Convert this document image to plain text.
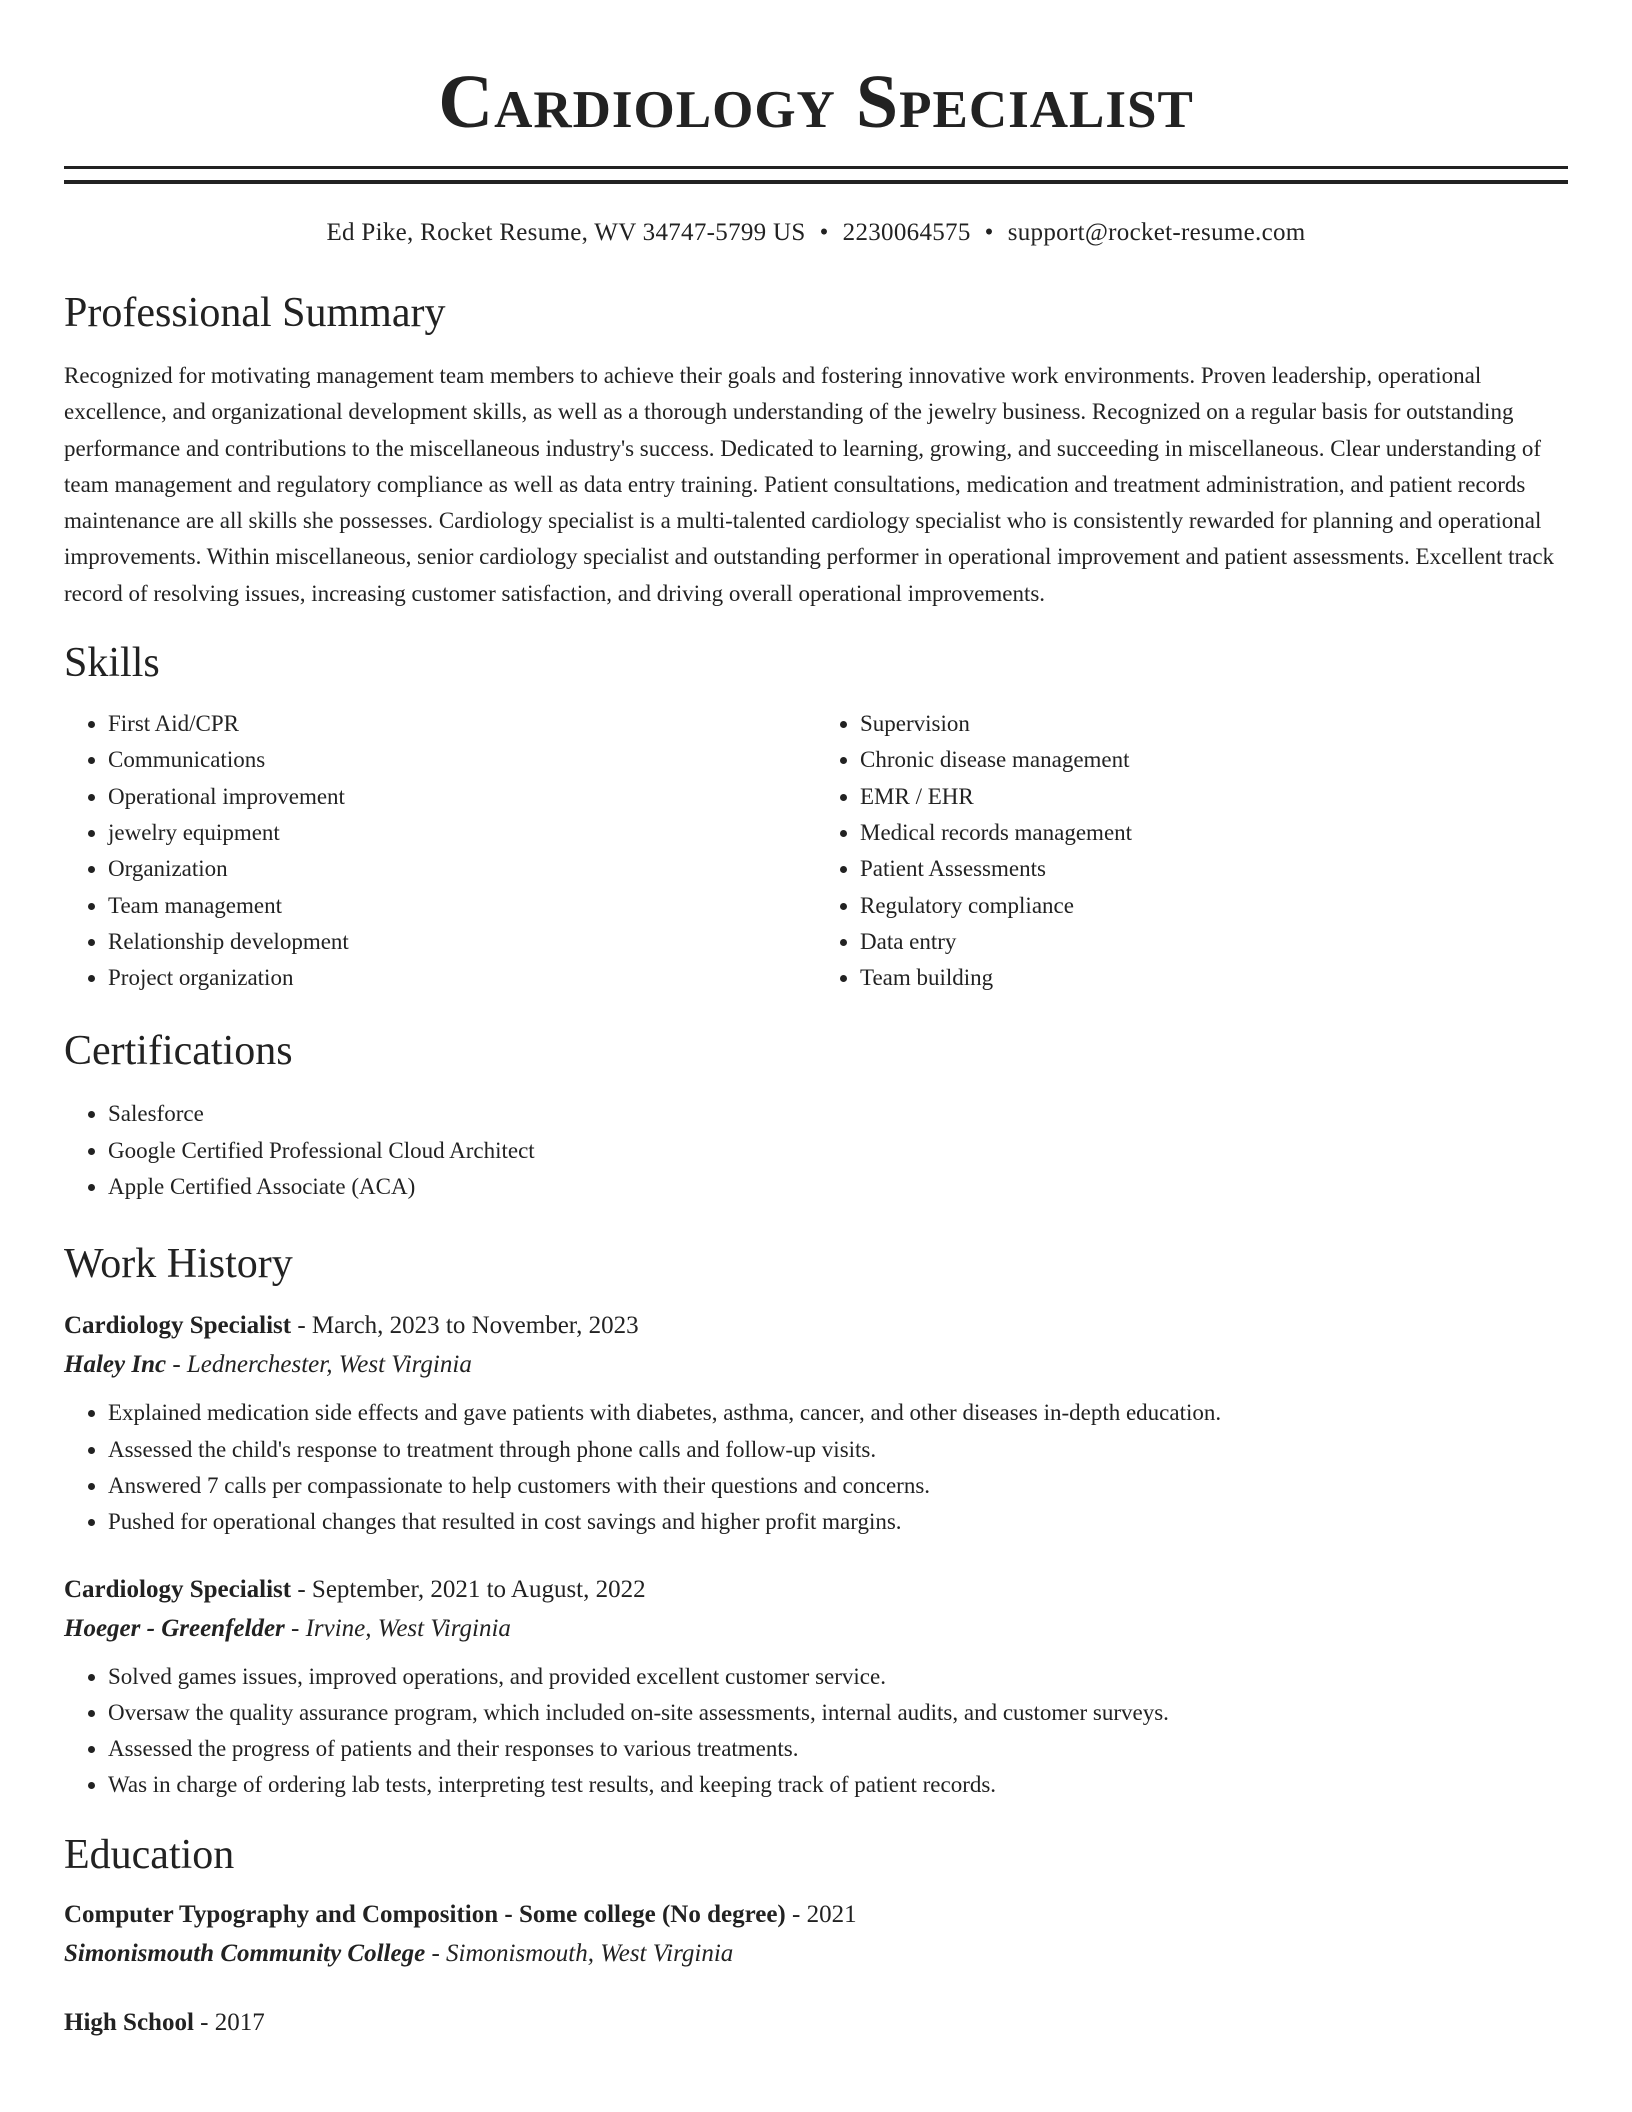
Cardiology Specialist
Ed Pike, Rocket Resume, WV 34747-5799 US • 2230064575 • support@rocket-resume.com
Professional Summary

Recognized for motivating management team members to achieve their goals and fostering innovative work environments. Proven leadership, operational excellence, and organizational development skills, as well as a thorough understanding of the jewelry business. Recognized on a regular basis for outstanding performance and contributions to the miscellaneous industry's success. Dedicated to learning, growing, and succeeding in miscellaneous. Clear understanding of team management and regulatory compliance as well as data entry training. Patient consultations, medication and treatment administration, and patient records maintenance are all skills she possesses. Cardiology specialist is a multi-talented cardiology specialist who is consistently rewarded for planning and operational improvements. Within miscellaneous, senior cardiology specialist and outstanding performer in operational improvement and patient assessments. Excellent track record of resolving issues, increasing customer satisfaction, and driving overall operational improvements.

Skills
• First Aid/CPR
• Communications
• Operational improvement
• jewelry equipment
• Organization
• Team management
• Relationship development
• Project organization
• Supervision
• Chronic disease management
• EMR / EHR
• Medical records management
• Patient Assessments
• Regulatory compliance
• Data entry
• Team building
Certifications
• Salesforce
• Google Certified Professional Cloud Architect
• Apple Certified Associate (ACA)
Work History
Cardiology Specialist - March, 2023 to November, 2023
Haley Inc - Lednerchester, West Virginia
• Explained medication side effects and gave patients with diabetes, asthma, cancer, and other diseases in-depth education.
• Assessed the child's response to treatment through phone calls and follow-up visits.
• Answered 7 calls per compassionate to help customers with their questions and concerns.
• Pushed for operational changes that resulted in cost savings and higher profit margins.
Cardiology Specialist - September, 2021 to August, 2022
Hoeger - Greenfelder - Irvine, West Virginia
• Solved games issues, improved operations, and provided excellent customer service.
• Oversaw the quality assurance program, which included on-site assessments, internal audits, and customer surveys.
• Assessed the progress of patients and their responses to various treatments.
• Was in charge of ordering lab tests, interpreting test results, and keeping track of patient records.
Education
Computer Typography and Composition - Some college (No degree) - 2021
Simonismouth Community College - Simonismouth, West Virginia
High School - 2017
